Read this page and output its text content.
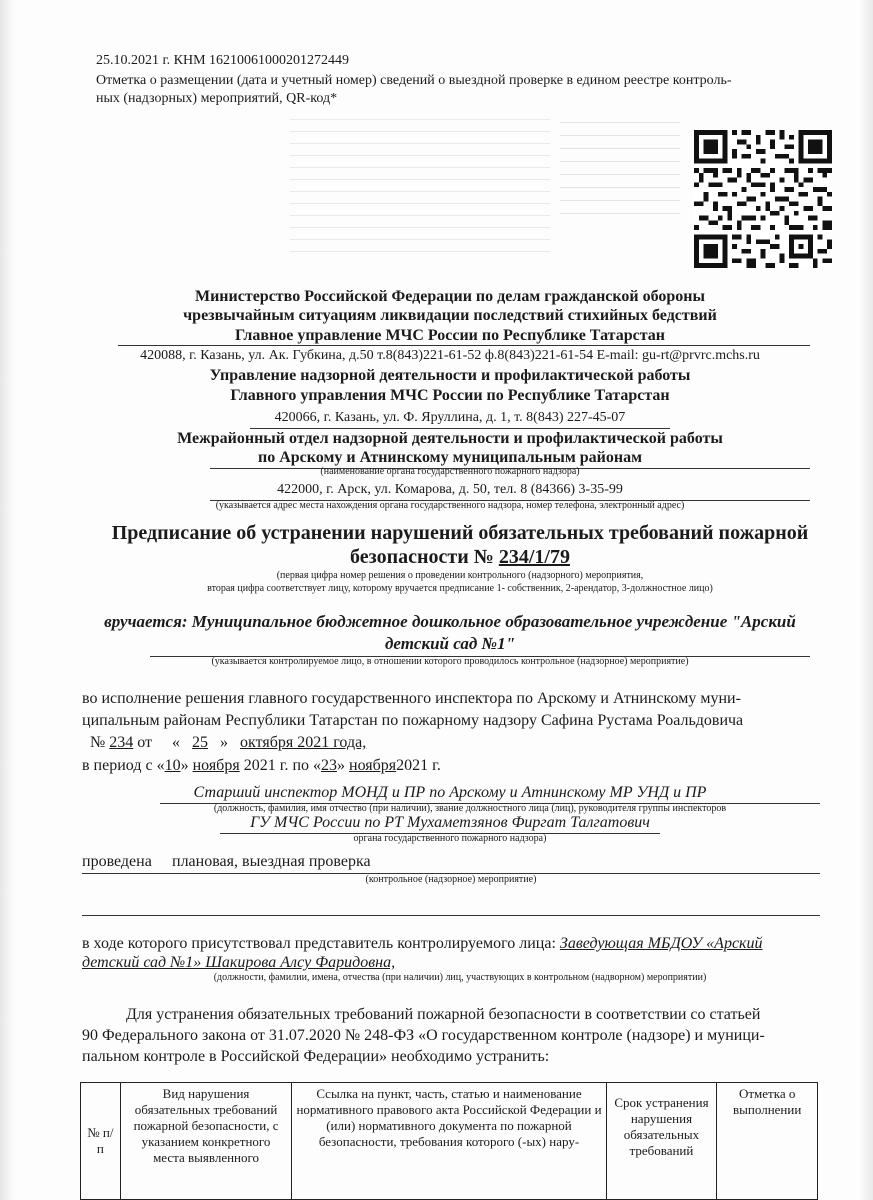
25.10.2021 г. КНМ 16210061000201272449
Отметка о размещении (дата и учетный номер) сведений о выездной проверке в едином реестре контроль-
ных (надзорных) мероприятий, QR-код*
Министерство Российской Федерации по делам гражданской обороны
чрезвычайным ситуациям ликвидации последствий стихийных бедствий
Главное управление МЧС России по Республике Татарстан
420088, г. Казань, ул. Ак. Губкина, д.50 т.8(843)221-61-52 ф.8(843)221-61-54 E-mail: gu-rt@prvrc.mchs.ru
Управление надзорной деятельности и профилактической работы
Главного управления МЧС России по Республике Татарстан
420066, г. Казань, ул. Ф. Яруллина, д. 1, т. 8(843) 227-45-07
Межрайонный отдел надзорной деятельности и профилактической работы
по Арскому и Атнинскому муниципальным районам
(наименование органа государственного пожарного надзора)
422000, г. Арск, ул. Комарова, д. 50, тел. 8 (84366) 3-35-99
(указывается адрес места нахождения органа государственного надзора, номер телефона, электронный адрес)
Предписание об устранении нарушений обязательных требований пожарной
безопасности № 234/1/79
(первая цифра номер решения о проведении контрольного (надзорного) мероприятия,
вторая цифра соответствует лицу, которому вручается предписание 1- собственник, 2-арендатор, 3-должностное лицо)
вручается: Муниципальное бюджетное дошкольное образовательное учреждение "Арский
детский сад №1"
(указывается контролируемое лицо, в отношении которого проводилось контрольное (надзорное) мероприятие)
во исполнение решения главного государственного инспектора по Арскому и Атнинскому муни-
ципальным районам Республики Татарстан по пожарному надзору Сафина Рустама Роальдовича
№ 234 от « 25 » октября 2021 года,
в период с «10» ноября 2021 г. по «23» ноября2021 г.
Старший инспектор МОНД и ПР по Арскому и Атнинскому МР УНД и ПР
(должность, фамилия, имя отчество (при наличии), звание должностного лица (лиц), руководителя группы инспекторов
ГУ МЧС России по РТ Мухаметзянов Фиргат Талгатович
органа государственного пожарного надзора)
проведена плановая, выездная проверка
(контрольное (надзорное) мероприятие)
в ходе которого присутствовал представитель контролируемого лица: Заведующая МБДОУ «Арский
детский сад №1» Шакирова Алсу Фаридовна,
(должности, фамилии, имена, отчества (при наличии) лиц, участвующих в контрольном (надворном) мероприятии)
Для устранения обязательных требований пожарной безопасности в соответствии со статьей
90 Федерального закона от 31.07.2020 № 248-ФЗ «О государственном контроле (надзоре) и муници-
пальном контроле в Российской Федерации» необходимо устранить:
№ п/п	Вид нарушения обязательных требований пожарной безопасности, с указанием конкретного места выявленного	Ссылка на пункт, часть, статью и наименование нормативного правового акта Российской Федерации и (или) нормативного документа по пожарной безопасности, требования которого (-ых) нару-	Срок устранения нарушения обязательных требований	Отметка о выполнении
